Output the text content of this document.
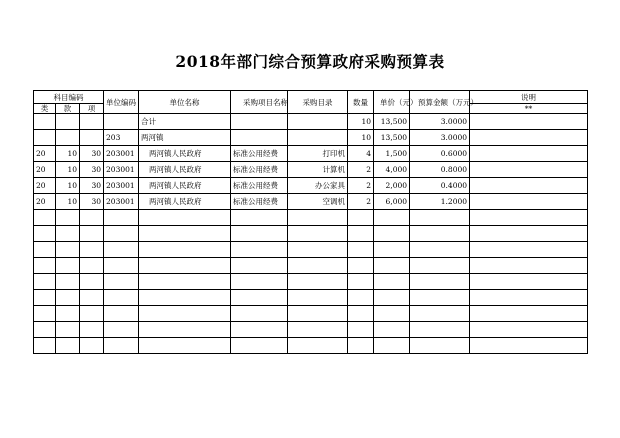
2018年部门综合预算政府采购预算表
科目编码			单位编码	单位名称	采购项目名称	采购目录	数量	单价（元）	预算金额（万元）	说明
类	款	项								**
				合计			10	13,500	3.0000	
			203	两河镇			10	13,500	3.0000	
20	10	30	203001	两河镇人民政府	标准公用经费	打印机	4	1,500	0.6000	
20	10	30	203001	两河镇人民政府	标准公用经费	计算机	2	4,000	0.8000	
20	10	30	203001	两河镇人民政府	标准公用经费	办公家具	2	2,000	0.4000	
20	10	30	203001	两河镇人民政府	标准公用经费	空调机	2	6,000	1.2000	
